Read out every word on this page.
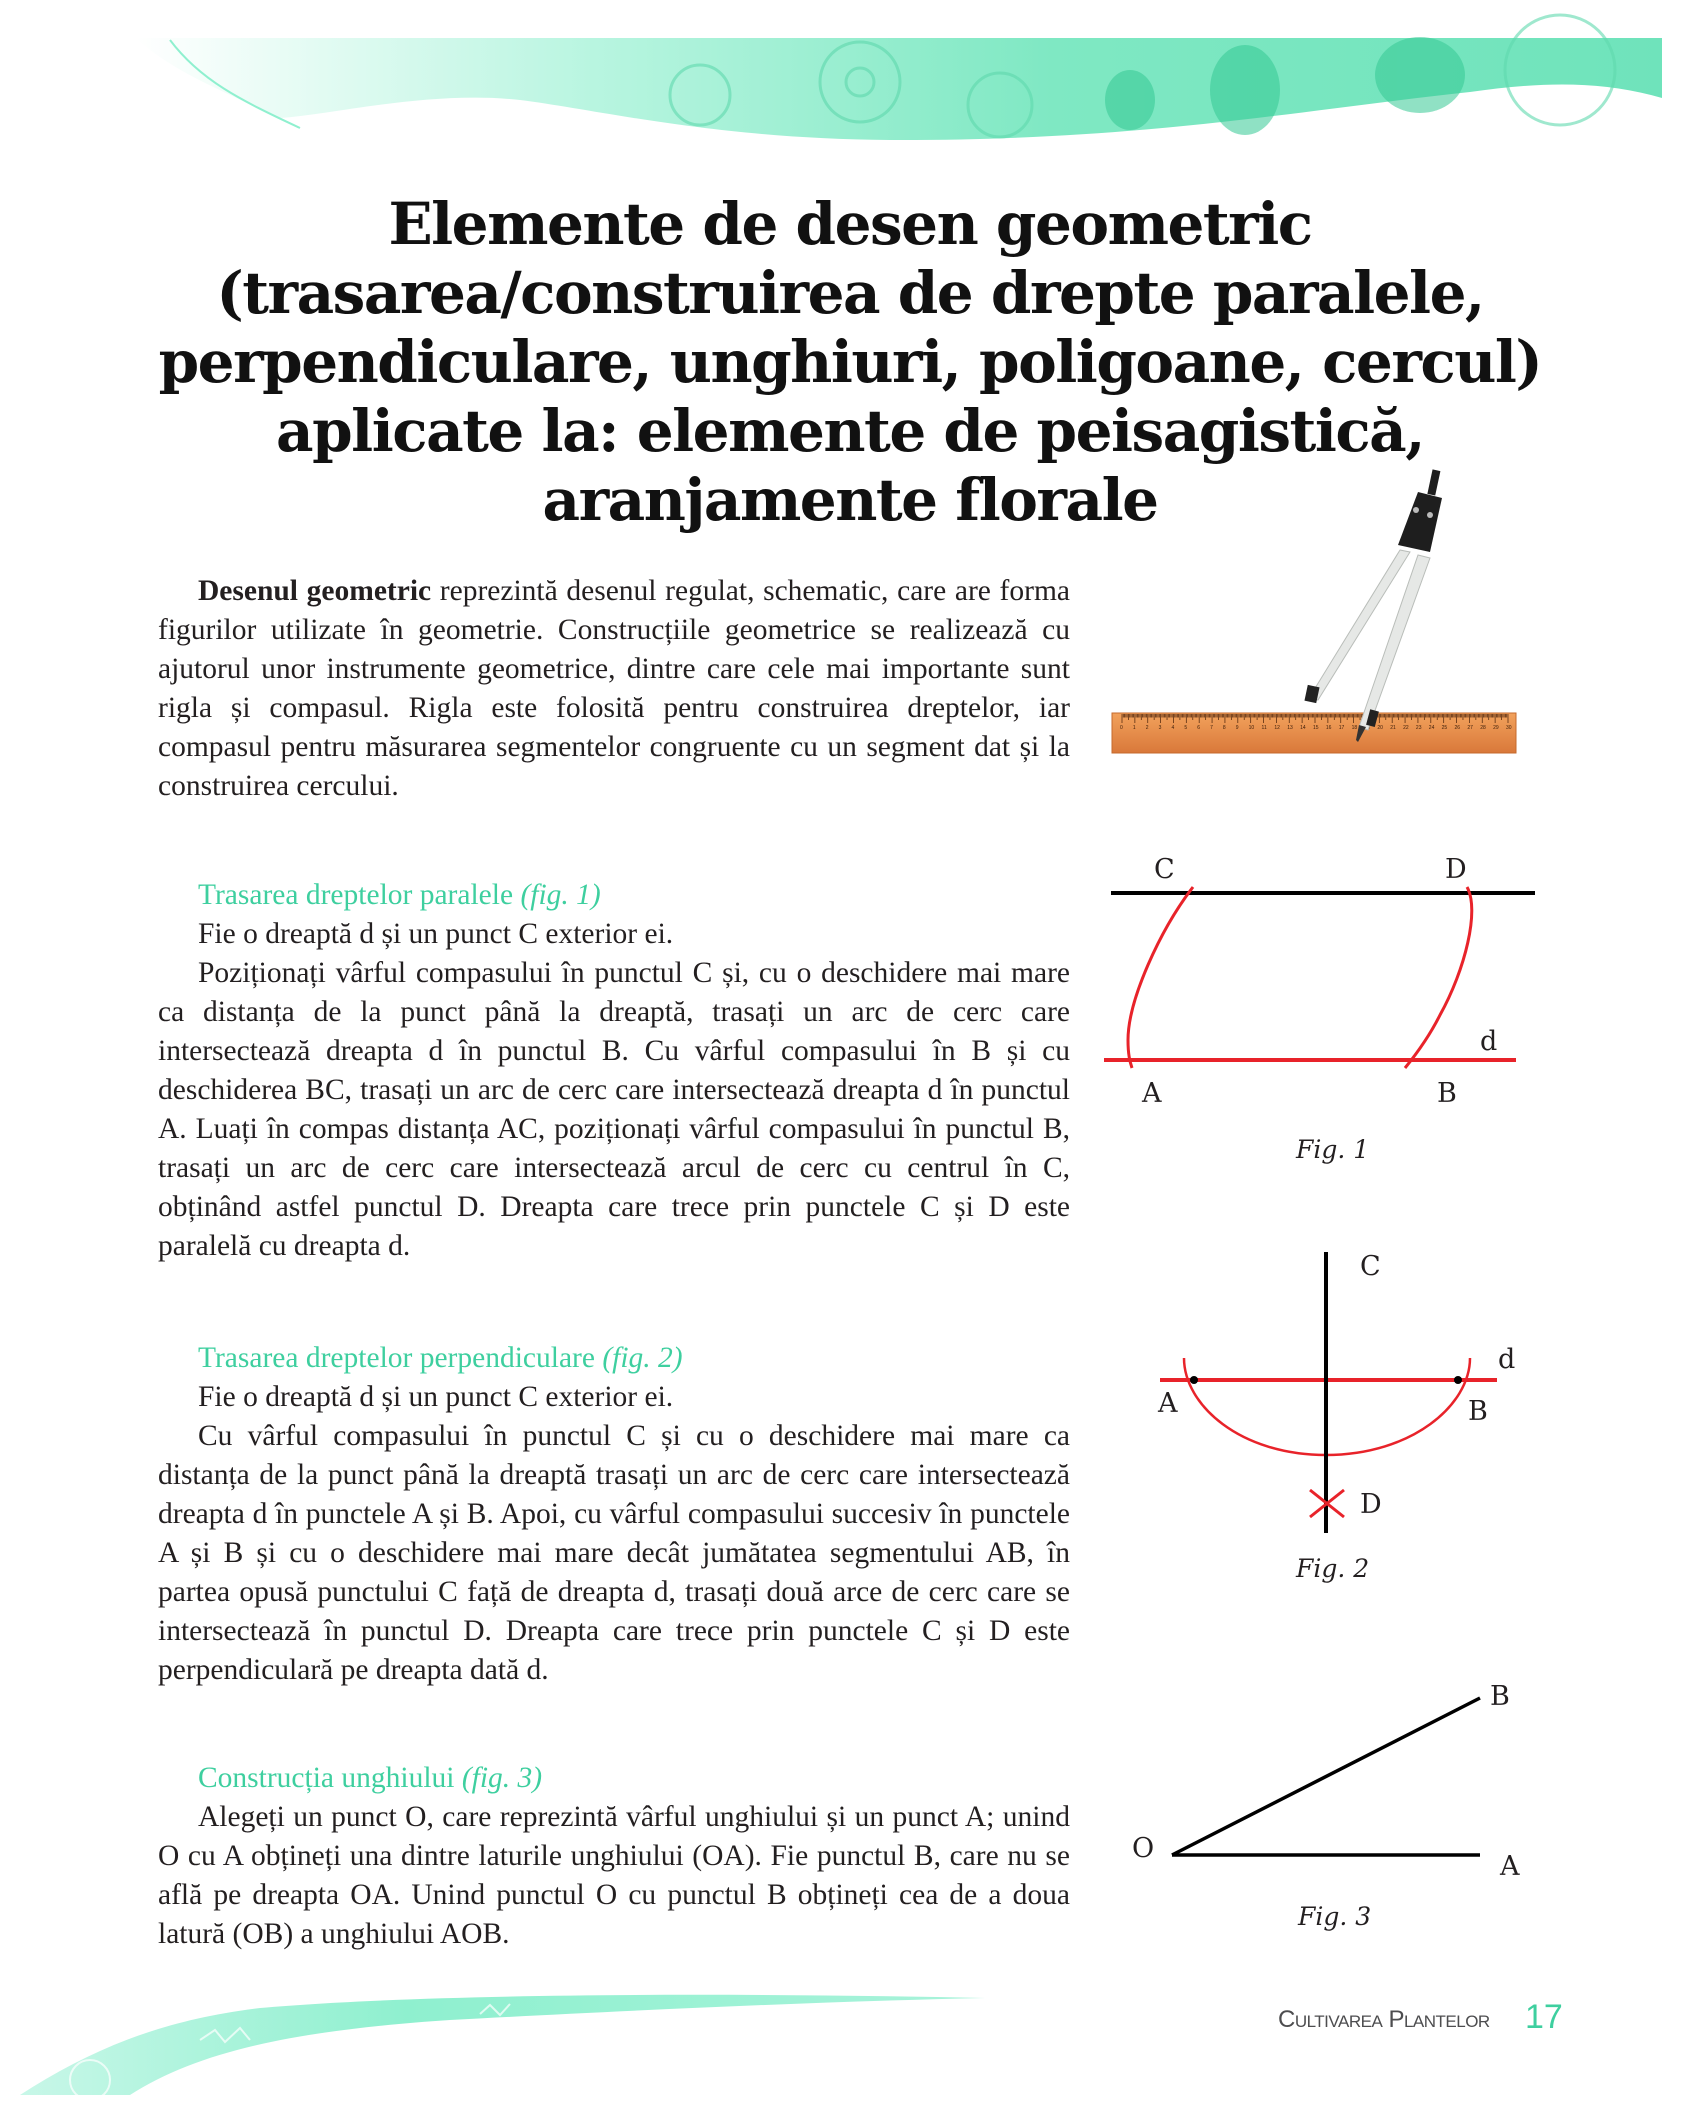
Elemente de desen geometric
(trasarea/construirea de drepte paralele,
perpendiculare, unghiuri, poligoane, cercul)
aplicate la: elemente de peisagistică,
aranjamente florale

Desenul geometric reprezintă desenul regulat, schematic, care are forma figurilor utilizate în geometrie. Construcțiile geometrice se realizează cu ajutorul unor instrumente geometrice, dintre care cele mai importante sunt rigla și compasul. Rigla este folosită pentru construirea dreptelor, iar compasul pentru măsurarea segmentelor congruente cu un segment dat și la construirea cercului.

0 1 2 3 4 5 6 7 8 9 10 11 12 13 14 15 16 17 18	20 21 22 23 24 25 26 27 28 29 30

Trasarea dreptelor paralele (fig. 1)

Fie o dreaptă d și un punct C exterior ei.

Poziționați vârful compasului în punctul C și, cu o deschidere mai mare ca distanța de la punct până la dreaptă, trasați un arc de cerc care intersectează dreapta d în punctul B. Cu vârful compasului în B și cu deschiderea BC, trasați un arc de cerc care intersectează dreapta d în punctul A. Luați în compas distanța AC, poziționați vârful compasului în punctul B, trasați un arc de cerc care intersectează arcul de cerc cu centrul în C, obținând astfel punctul D. Dreapta care trece prin punctele C și D este paralelă cu dreapta d.

C	D
d
A	B
Fig. 1

Trasarea dreptelor perpendiculare (fig. 2)

Fie o dreaptă d și un punct C exterior ei.

Cu vârful compasului în punctul C și cu o deschidere mai mare ca distanța de la punct până la dreaptă trasați un arc de cerc care intersectează dreapta d în punctele A și B. Apoi, cu vârful compasului succesiv în punctele A și B și cu o deschidere mai mare decât jumătatea segmentului AB, în partea opusă punctului C față de dreapta d, trasați două arce de cerc care se intersectează în punctul D. Dreapta care trece prin punctele C și D este perpendiculară pe dreapta dată d.

C
d
A	B
D
Fig. 2

Construcția unghiului (fig. 3)

Alegeți un punct O, care reprezintă vârful unghiului și un punct A; unind O cu A obțineți una dintre laturile unghiului (OA). Fie punctul B, care nu se află pe dreapta OA. Unind punctul O cu punctul B obțineți cea de a doua latură (OB) a unghiului AOB.

O
A
B
Fig. 3
Cultivarea Plantelor 17
